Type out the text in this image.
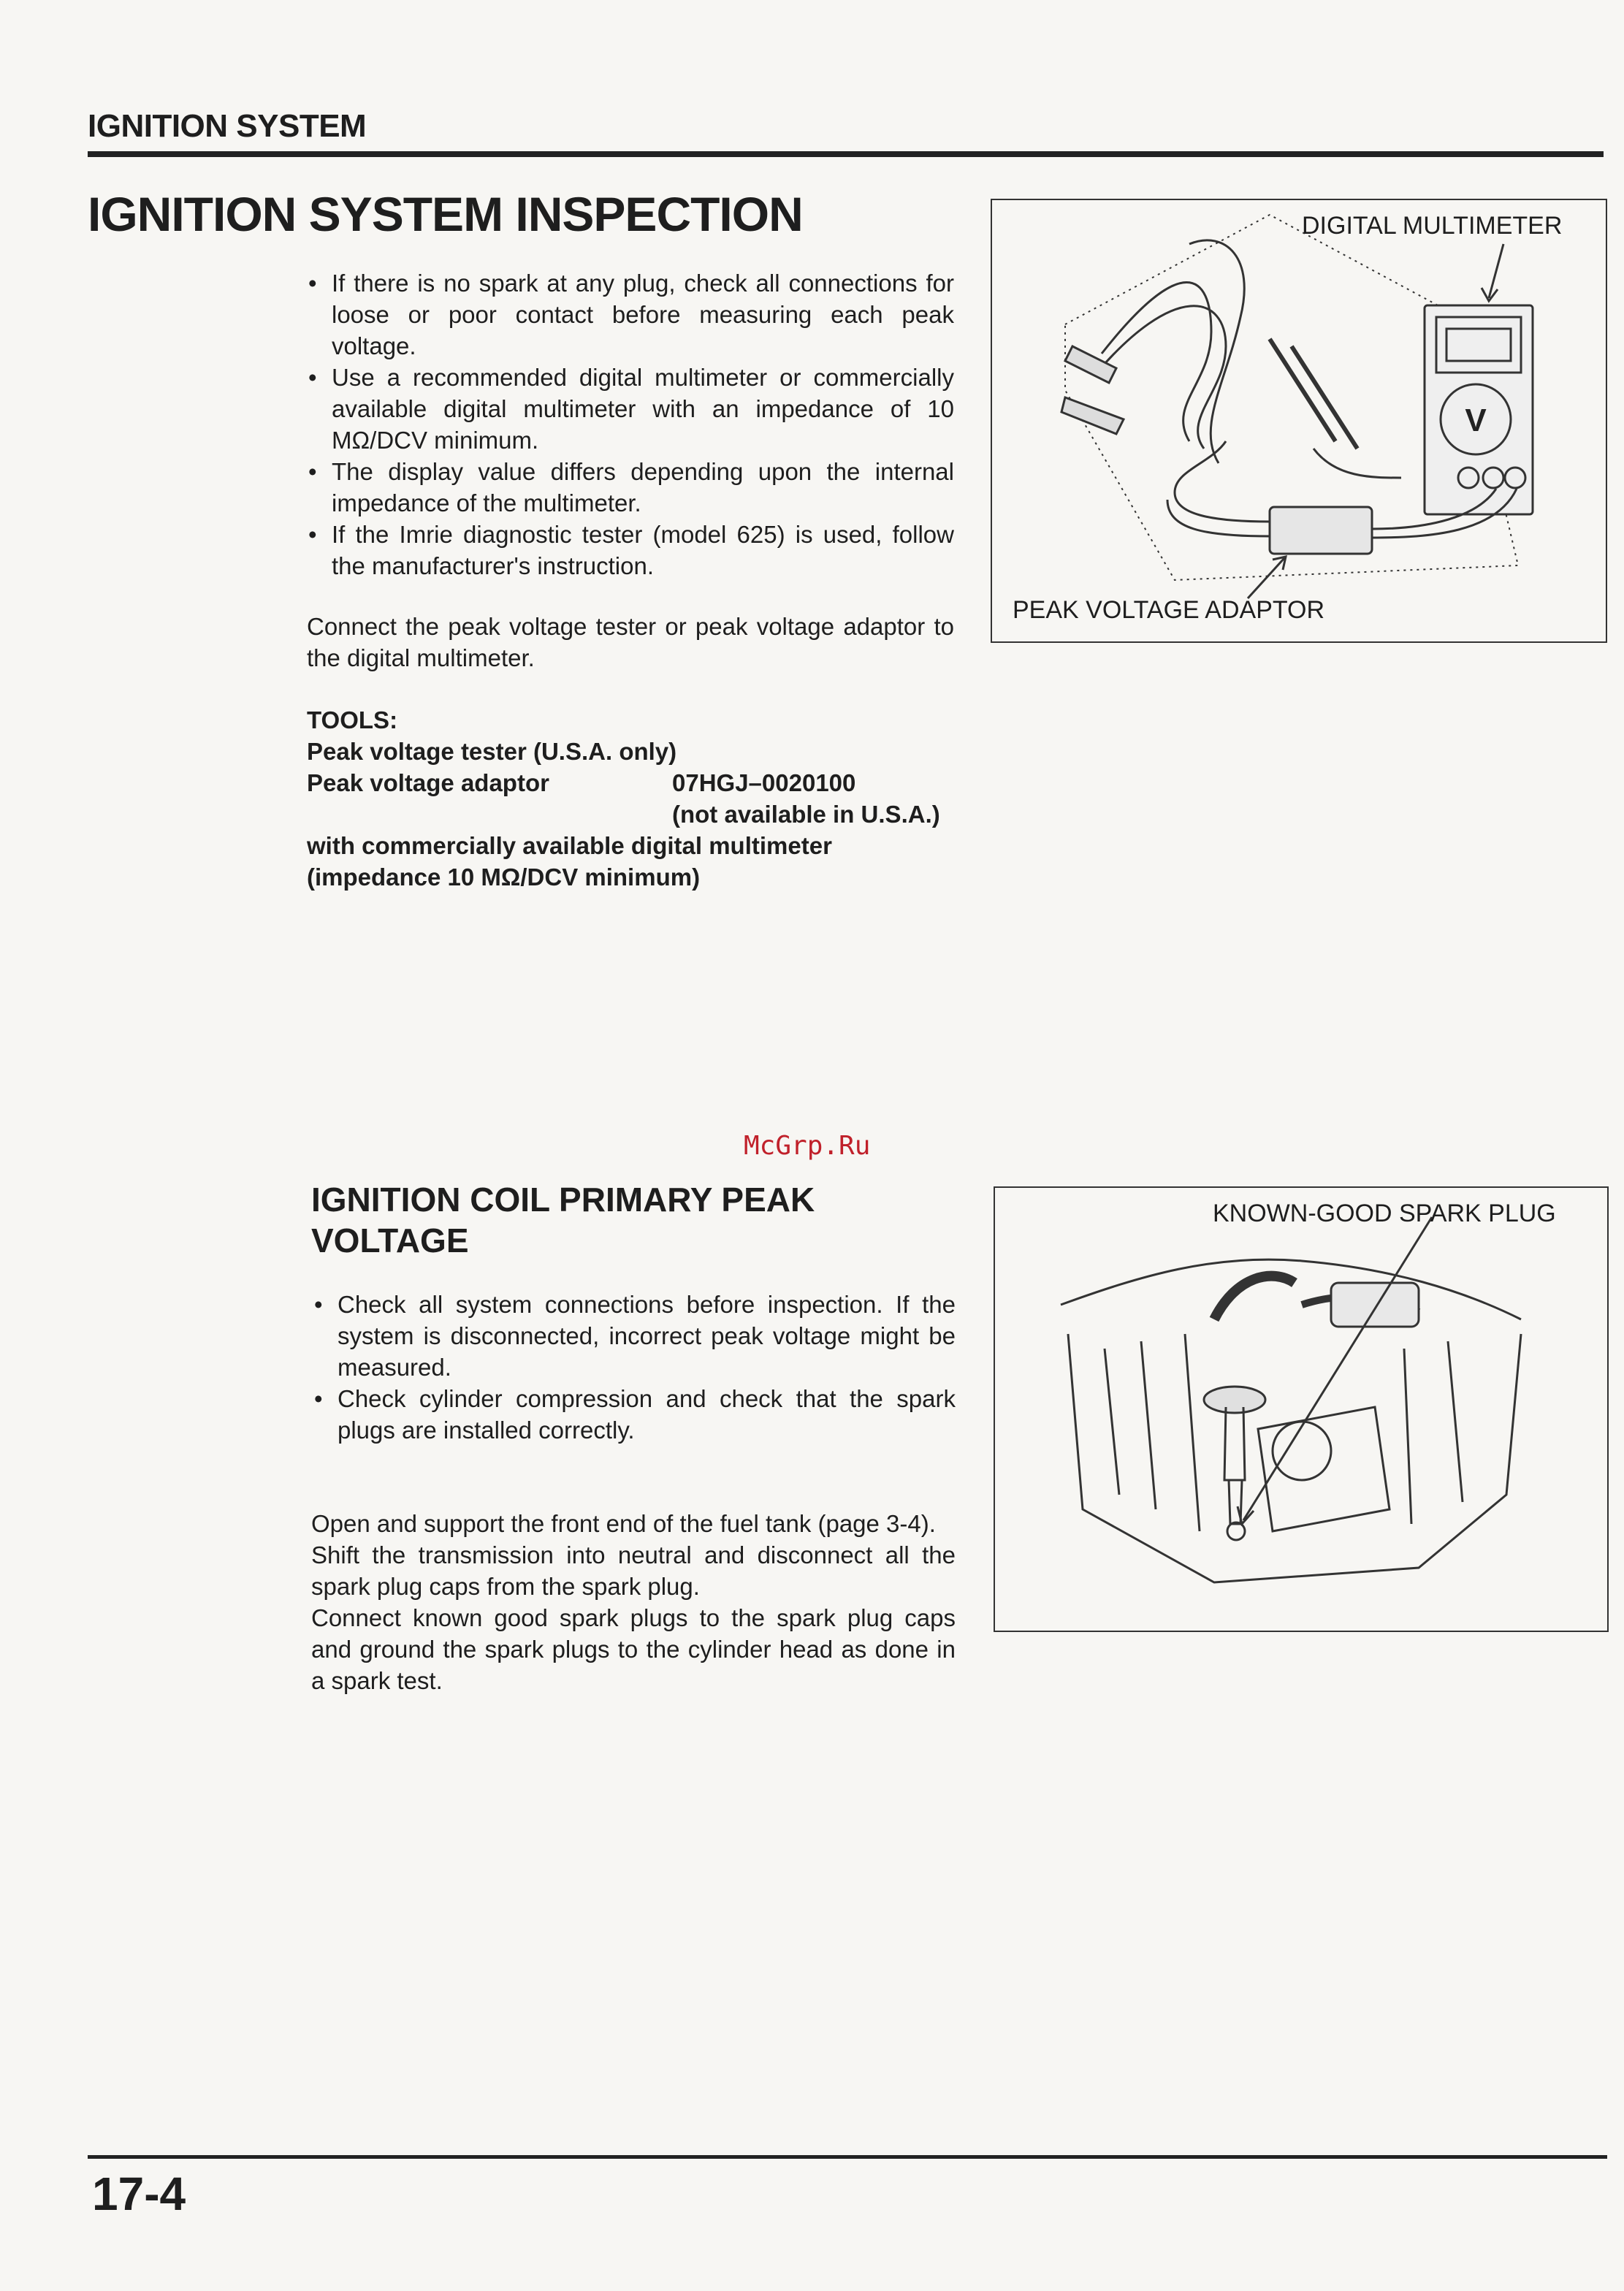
IGNITION SYSTEM
IGNITION SYSTEM INSPECTION
• If there is no spark at any plug, check all connections for loose or poor contact before measuring each peak voltage.
• Use a recommended digital multimeter or commercially available digital multimeter with an impedance of 10 MΩ/DCV minimum.
• The display value differs depending upon the internal impedance of the multimeter.
• If the Imrie diagnostic tester (model 625) is used, follow the manufacturer's instruction.
Connect the peak voltage tester or peak voltage adaptor to the digital multimeter.
TOOLS:
Peak voltage tester (U.S.A. only)
Peak voltage adaptor	07HGJ–0020100
(not available in U.S.A.)
with commercially available digital multimeter
(impedance 10 MΩ/DCV minimum)
V
DIGITAL MULTIMETER
PEAK VOLTAGE ADAPTOR
McGrp.Ru
IGNITION COIL PRIMARY PEAK VOLTAGE
• Check all system connections before inspection. If the system is disconnected, incorrect peak voltage might be measured.
• Check cylinder compression and check that the spark plugs are installed correctly.

Open and support the front end of the fuel tank (page 3-4).

Shift the transmission into neutral and disconnect all the spark plug caps from the spark plug.

Connect known good spark plugs to the spark plug caps and ground the spark plugs to the cylinder head as done in a spark test.

KNOWN-GOOD SPARK PLUG
17-4
